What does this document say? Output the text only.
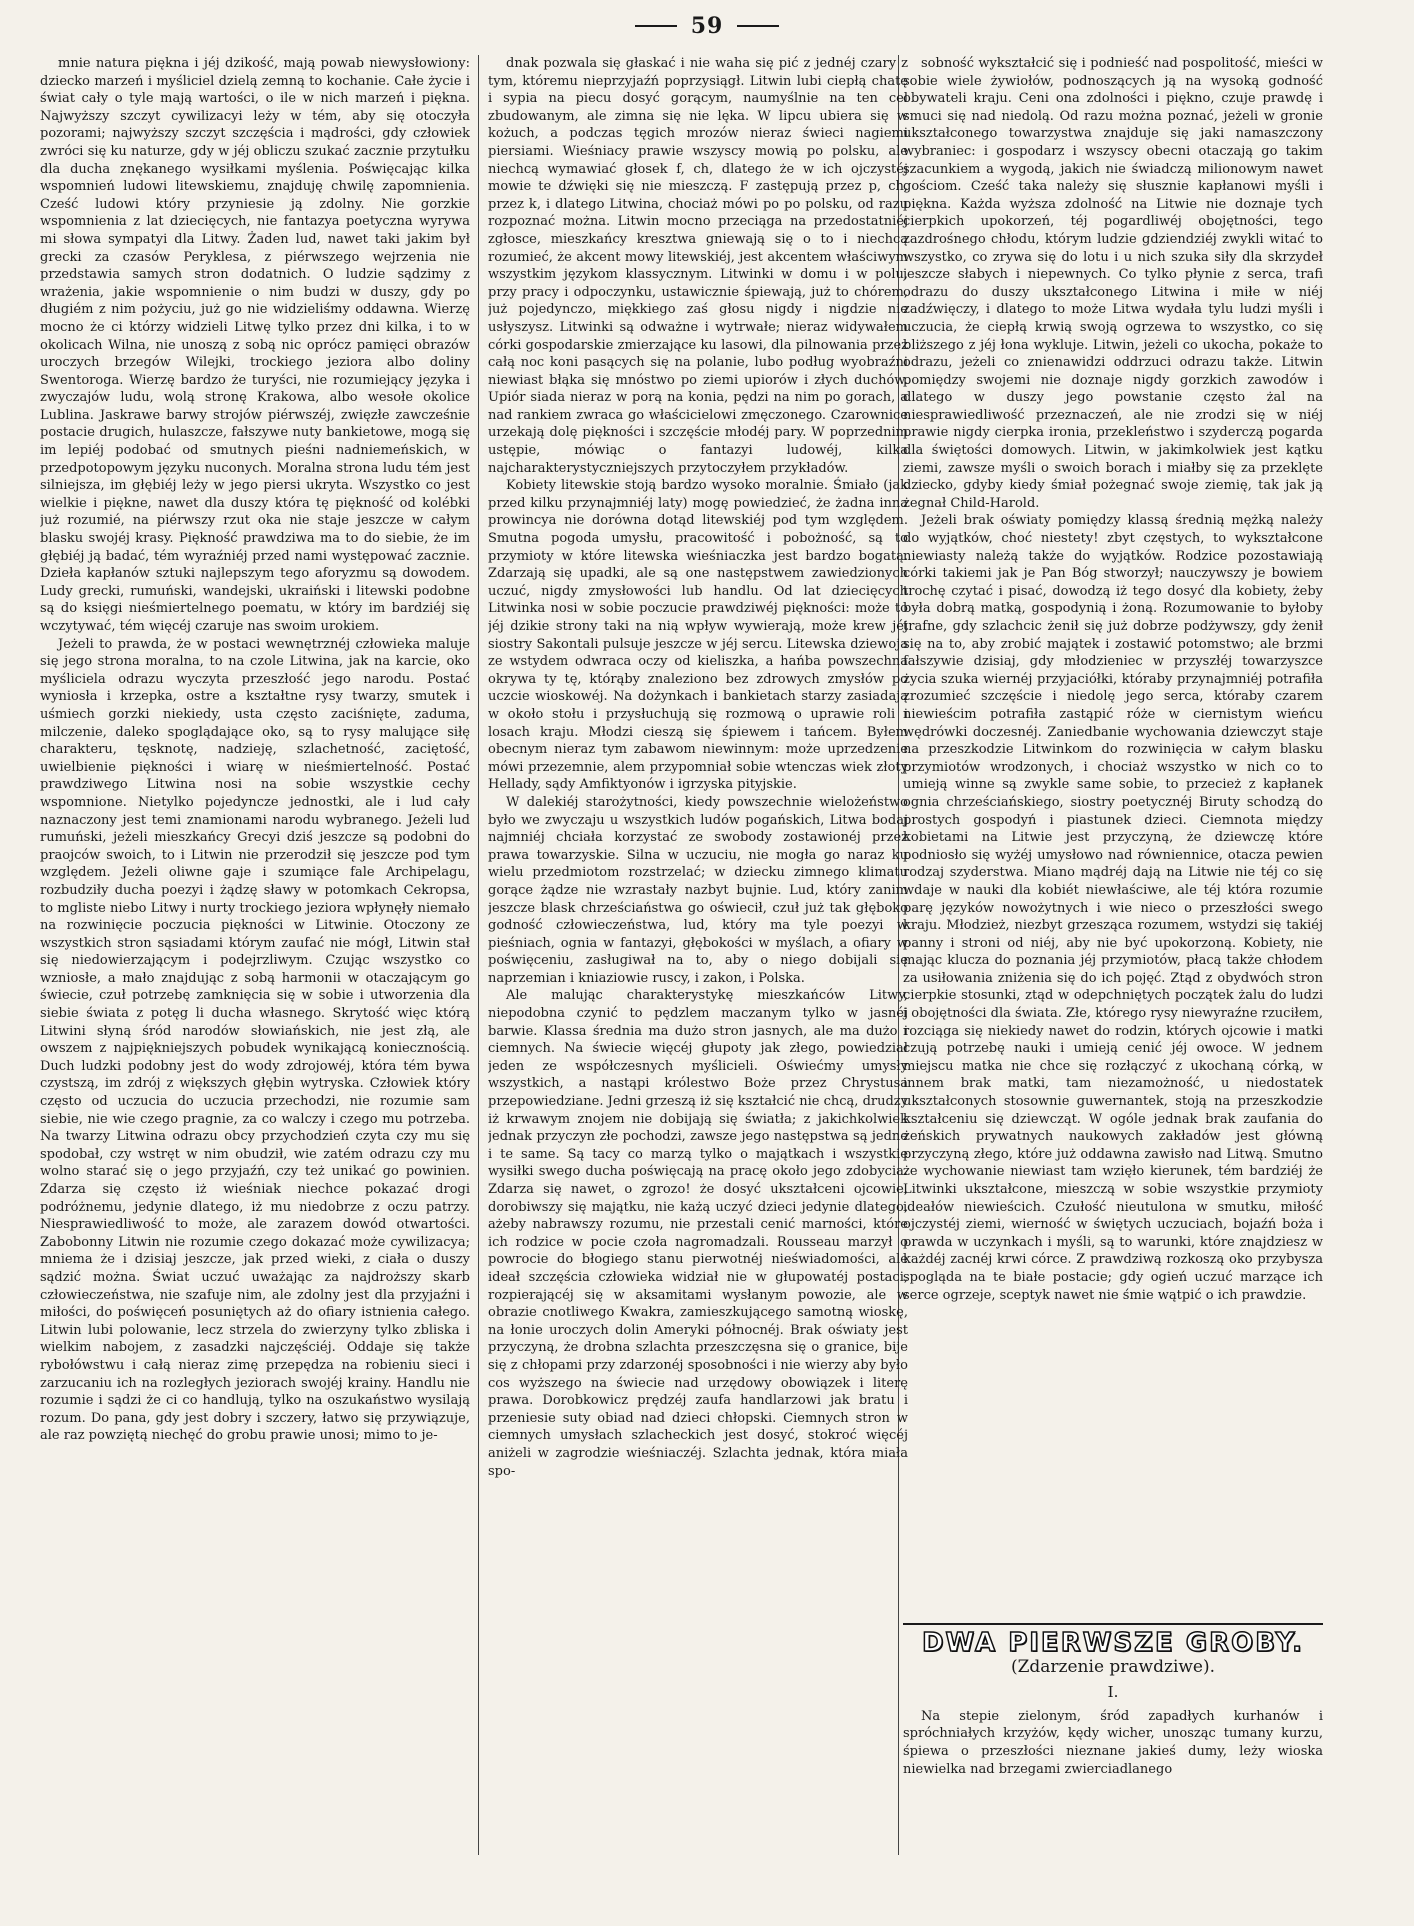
59

mnie natura piękna i jéj dzikość, mają powab niewysłowiony: dziecko marzeń i myśliciel dzielą zemną to kochanie. Całe życie i świat cały o tyle mają wartości, o ile w nich marzeń i piękna. Najwyższy szczyt cywilizacyi leży w tém, aby się otoczyła pozorami; najwyższy szczyt szczęścia i mądrości, gdy człowiek zwróci się ku naturze, gdy w jéj obliczu szukać zacznie przytułku dla ducha znękanego wysiłkami myślenia. Poświęcając kilka wspomnień ludowi litewskiemu, znajduję chwilę zapomnienia. Cześć ludowi który przyniesie ją zdolny. Nie gorzkie wspomnienia z lat dziecięcych, nie fantazya poetyczna wyrywa mi słowa sympatyi dla Litwy. Żaden lud, nawet taki jakim był grecki za czasów Peryklesa, z piérwszego wejrzenia nie przedstawia samych stron dodatnich. O ludzie sądzimy z wrażenia, jakie wspomnienie o nim budzi w duszy, gdy po długiém z nim pożyciu, już go nie widzieliśmy oddawna. Wierzę mocno że ci którzy widzieli Litwę tylko przez dni kilka, i to w okolicach Wilna, nie unoszą z sobą nic oprócz pamięci obrazów uroczych brzegów Wilejki, trockiego jeziora albo doliny Swentoroga. Wierzę bardzo że turyści, nie rozumiejący języka i zwyczajów ludu, wolą stronę Krakowa, albo wesołe okolice Lublina. Jaskrawe barwy strojów piérwszéj, zwięzłe zawcześnie postacie drugich, hulaszcze, fałszywe nuty bankietowe, mogą się im lepiéj podobać od smutnych pieśni nadniemeńskich, w przedpotopowym języku nuconych. Moralna strona ludu tém jest silniejsza, im głębiéj leży w jego piersi ukryta. Wszystko co jest wielkie i piękne, nawet dla duszy która tę piękność od kolébki już rozumié, na piérwszy rzut oka nie staje jeszcze w całym blasku swojéj krasy. Piękność prawdziwa ma to do siebie, że im głębiéj ją badać, tém wyraźniéj przed nami występować zacznie. Dzieła kapłanów sztuki najlepszym tego aforyzmu są dowodem. Ludy grecki, rumuński, wandejski, ukraiński i litewski podobne są do księgi nieśmiertelnego poematu, w który im bardziéj się wczytywać, tém więcéj czaruje nas swoim urokiem.

Jeżeli to prawda, że w postaci wewnętrznéj człowieka maluje się jego strona moralna, to na czole Litwina, jak na karcie, oko myśliciela odrazu wyczyta przeszłość jego narodu. Postać wyniosła i krzepka, ostre a kształtne rysy twarzy, smutek i uśmiech gorzki niekiedy, usta często zaciśnięte, zaduma, milczenie, daleko spoglądające oko, są to rysy malujące siłę charakteru, tęsknotę, nadzieję, szlachetność, zaciętość, uwielbienie piękności i wiarę w nieśmiertelność. Postać prawdziwego Litwina nosi na sobie wszystkie cechy wspomnione. Nietylko pojedyncze jednostki, ale i lud cały naznaczony jest temi znamionami narodu wybranego. Jeżeli lud rumuński, jeżeli mieszkańcy Grecyi dziś jeszcze są podobni do praojców swoich, to i Litwin nie przerodził się jeszcze pod tym względem. Jeżeli oliwne gaje i szumiące fale Archipelagu, rozbudziły ducha poezyi i żądzę sławy w potomkach Cekropsa, to mgliste niebo Litwy i nurty trockiego jeziora wpłynęły niemało na rozwinięcie poczucia piękności w Litwinie. Otoczony ze wszystkich stron sąsiadami którym zaufać nie mógł, Litwin stał się niedowierzającym i podejrzliwym. Czując wszystko co wzniosłe, a mało znajdując z sobą harmonii w otaczającym go świecie, czuł potrzebę zamknięcia się w sobie i utworzenia dla siebie świata z potęg li ducha własnego. Skrytość więc którą Litwini słyną śród narodów słowiańskich, nie jest złą, ale owszem z najpiękniejszych pobudek wynikającą koniecznością. Duch ludzki podobny jest do wody zdrojowéj, która tém bywa czystszą, im zdrój z większych głębin wytryska. Człowiek który często od uczucia do uczucia przechodzi, nie rozumie sam siebie, nie wie czego pragnie, za co walczy i czego mu potrzeba. Na twarzy Litwina odrazu obcy przychodzień czyta czy mu się spodobał, czy wstręt w nim obudził, wie zatém odrazu czy mu wolno starać się o jego przyjaźń, czy też unikać go powinien. Zdarza się często iż wieśniak niechce pokazać drogi podróżnemu, jedynie dlatego, iż mu niedobrze z oczu patrzy. Niesprawiedliwość to może, ale zarazem dowód otwartości. Zabobonny Litwin nie rozumie czego dokazać może cywilizacya; mniema że i dzisiaj jeszcze, jak przed wieki, z ciała o duszy sądzić można. Świat uczuć uważając za najdroższy skarb człowieczeństwa, nie szafuje nim, ale zdolny jest dla przyjaźni i miłości, do poświęceń posuniętych aż do ofiary istnienia całego. Litwin lubi polowanie, lecz strzela do zwierzyny tylko zbliska i wielkim nabojem, z zasadzki najczęściéj. Oddaje się także rybołówstwu i całą nieraz zimę przepędza na robieniu sieci i zarzucaniu ich na rozległych jeziorach swojéj krainy. Handlu nie rozumie i sądzi że ci co handlują, tylko na oszukaństwo wysilają rozum. Do pana, gdy jest dobry i szczery, łatwo się przywiązuje, ale raz powziętą niechęć do grobu prawie unosi; mimo to je-

dnak pozwala się głaskać i nie waha się pić z jednéj czary z tym, któremu nieprzyjaźń poprzysiągł. Litwin lubi ciepłą chatę i sypia na piecu dosyć gorącym, naumyślnie na ten cel zbudowanym, ale zimna się nie lęka. W lipcu ubiera się w kożuch, a podczas tęgich mrozów nieraz świeci nagiemi piersiami. Wieśniacy prawie wszyscy mowią po polsku, ale niechcą wymawiać głosek f, ch, dlatego że w ich ojczystéj mowie te dźwięki się nie mieszczą. F zastępują przez p, ch, przez k, i dlatego Litwina, chociaż mówi po po polsku, od razu rozpoznać można. Litwin mocno przeciąga na przedostatniéj zgłosce, mieszkańcy kresztwa gniewają się o to i niechcą rozumieć, że akcent mowy litewskiéj, jest akcentem właściwym wszystkim językom klassycznym. Litwinki w domu i w polu, przy pracy i odpoczynku, ustawicznie śpiewają, już to chórem, już pojedynczo, miękkiego zaś głosu nigdy i nigdzie nie usłyszysz. Litwinki są odważne i wytrwałe; nieraz widywałem córki gospodarskie zmierzające ku lasowi, dla pilnowania przez całą noc koni pasących się na polanie, lubo podług wyobraźni niewiast błąka się mnóstwo po ziemi upiorów i złych duchów. Upiór siada nieraz w porą na konia, pędzi na nim po gorach, a nad rankiem zwraca go właścicielowi zmęczonego. Czarownice urzekają dolę piękności i szczęście młodéj pary. W poprzednim ustępie, mówiąc o fantazyi ludowéj, kilka najcharakterystyczniejszych przytoczyłem przykładów.

Kobiety litewskie stoją bardzo wysoko moralnie. Śmiało (jak przed kilku przynajmniéj laty) mogę powiedzieć, że żadna inna prowincya nie dorówna dotąd litewskiéj pod tym względem. Smutna pogoda umysłu, pracowitość i pobożność, są to przymioty w które litewska wieśniaczka jest bardzo bogatą. Zdarzają się upadki, ale są one następstwem zawiedzionych uczuć, nigdy zmysłowości lub handlu. Od lat dziecięcych Litwinka nosi w sobie poczucie prawdziwéj piękności: może to jéj dzikie strony taki na nią wpływ wywierają, może krew jéj siostry Sakontali pulsuje jeszcze w jéj sercu. Litewska dziewoja ze wstydem odwraca oczy od kieliszka, a hańba powszechna okrywa ty tę, którąby znaleziono bez zdrowych zmysłów po uczcie wioskowéj. Na dożynkach i bankietach starzy zasiadają w około stołu i przysłuchują się rozmową o uprawie roli i losach kraju. Młodzi cieszą się śpiewem i tańcem. Byłem obecnym nieraz tym zabawom niewinnym: może uprzedzenie mówi przezemnie, alem przypomniał sobie wtenczas wiek złoty Hellady, sądy Amfiktyonów i igrzyska pityjskie.

W dalekiéj starożytności, kiedy powszechnie wielożeństwo było we zwyczaju u wszystkich ludów pogańskich, Litwa bodaj najmniéj chciała korzystać ze swobody zostawionéj przez prawa towarzyskie. Silna w uczuciu, nie mogła go naraz ku wielu przedmiotom rozstrzelać; w dziecku zimnego klimatu gorące żądze nie wzrastały nazbyt bujnie. Lud, który zanim jeszcze blask chrześciaństwa go oświecił, czuł już tak głęboko godność człowieczeństwa, lud, który ma tyle poezyi w pieśniach, ognia w fantazyi, głębokości w myślach, a ofiary w poświęceniu, zasługiwał na to, aby o niego dobijali się naprzemian i kniaziowie ruscy, i zakon, i Polska.

Ale malując charakterystykę mieszkańców Litwy, niepodobna czynić to pędzlem maczanym tylko w jasnéj barwie. Klassa średnia ma dużo stron jasnych, ale ma dużo i ciemnych. Na świecie więcéj głupoty jak złego, powiedział jeden ze współczesnych myślicieli. Oświećmy umysły wszystkich, a nastąpi królestwo Boże przez Chrystusa przepowiedziane. Jedni grzeszą iż się kształcić nie chcą, drudzy iż krwawym znojem nie dobijają się światła; z jakichkolwiek jednak przyczyn złe pochodzi, zawsze jego następstwa są jedne i te same. Są tacy co marzą tylko o majątkach i wszystkie wysiłki swego ducha poświęcają na pracę około jego zdobycia. Zdarza się nawet, o zgrozo! że dosyć ukształceni ojcowie, dorobiwszy się majątku, nie każą uczyć dzieci jedynie dlatego, ażeby nabrawszy rozumu, nie przestali cenić marności, które ich rodzice w pocie czoła nagromadzali. Rousseau marzył o powrocie do błogiego stanu pierwotnéj nieświadomości, ale ideał szczęścia człowieka widział nie w głupowatéj postaci, rozpierającéj się w aksamitami wysłanym powozie, ale w obrazie cnotliwego Kwakra, zamieszkującego samotną wioskę, na łonie uroczych dolin Ameryki północnéj. Brak oświaty jest przyczyną, że drobna szlachta przeszczęsna się o granice, bije się z chłopami przy zdarzonéj sposobności i nie wierzy aby było cos wyższego na świecie nad urzędowy obowiązek i literę prawa. Dorobkowicz prędzéj zaufa handlarzowi jak bratu i przeniesie suty obiad nad dzieci chłopski. Ciemnych stron w ciemnych umysłach szlacheckich jest dosyć, stokroć więcéj aniżeli w zagrodzie wieśniaczéj. Szlachta jednak, która miała spo-

sobność wykształcić się i podnieść nad pospolitość, mieści w sobie wiele żywiołów, podnoszących ją na wysoką godność obywateli kraju. Ceni ona zdolności i piękno, czuje prawdę i smuci się nad niedolą. Od razu można poznać, jeżeli w gronie ukształconego towarzystwa znajduje się jaki namaszczony wybraniec: i gospodarz i wszyscy obecni otaczają go takim szacunkiem a wygodą, jakich nie świadczą milionowym nawet gościom. Cześć taka należy się słusznie kapłanowi myśli i piękna. Każda wyższa zdolność na Litwie nie doznaje tych cierpkich upokorzeń, téj pogardliwéj obojętności, tego zazdrośnego chłodu, którym ludzie gdziendziéj zwykli witać to wszystko, co zrywa się do lotu i u nich szuka siły dla skrzydeł jeszcze słabych i niepewnych. Co tylko płynie z serca, trafi odrazu do duszy ukształconego Litwina i miłe w niéj zadźwięczy, i dlatego to może Litwa wydała tylu ludzi myśli i uczucia, że ciepłą krwią swoją ogrzewa to wszystko, co się bliższego z jéj łona wykluje. Litwin, jeżeli co ukocha, pokaże to odrazu, jeżeli co znienawidzi oddrzuci odrazu także. Litwin pomiędzy swojemi nie doznaje nigdy gorzkich zawodów i dlatego w duszy jego powstanie często żal na niesprawiedliwość przeznaczeń, ale nie zrodzi się w niéj prawie nigdy cierpka ironia, przekleństwo i szyderczą pogarda dla świętości domowych. Litwin, w jakimkolwiek jest kątku ziemi, zawsze myśli o swoich borach i miałby się za przeklęte dziecko, gdyby kiedy śmiał pożegnać swoje ziemię, tak jak ją żegnał Child-Harold.

Jeżeli brak oświaty pomiędzy klassą średnią mężką należy do wyjątków, choć niestety! zbyt częstych, to wykształcone niewiasty należą także do wyjątków. Rodzice pozostawiają córki takiemi jak je Pan Bóg stworzył; nauczywszy je bowiem trochę czytać i pisać, dowodzą iż tego dosyć dla kobiety, żeby była dobrą matką, gospodynią i żoną. Rozumowanie to byłoby trafne, gdy szlachcic żenił się już dobrze podżywszy, gdy żenił się na to, aby zrobić majątek i zostawić potomstwo; ale brzmi fałszywie dzisiaj, gdy młodzieniec w przyszłéj towarzyszce życia szuka wiernéj przyjaciółki, któraby przynajmniéj potrafiła zrozumieć szczęście i niedolę jego serca, któraby czarem niewieścim potrafiła zastąpić róże w ciernistym wieńcu wędrówki doczesnéj. Zaniedbanie wychowania dziewczyt staje na przeszkodzie Litwinkom do rozwinięcia w całym blasku przymiotów wrodzonych, i chociaż wszystko w nich co to umieją winne są zwykle same sobie, to przecież z kapłanek ognia chrześciańskiego, siostry poetycznéj Biruty schodzą do prostych gospodyń i piastunek dzieci. Ciemnota między kobietami na Litwie jest przyczyną, że dziewczę które podniosło się wyżéj umysłowo nad równiennice, otacza pewien rodzaj szyderstwa. Miano mądréj dają na Litwie nie téj co się wdaje w nauki dla kobiét niewłaściwe, ale téj która rozumie parę języków nowożytnych i wie nieco o przeszłości swego kraju. Młodzież, niezbyt grzesząca rozumem, wstydzi się takiéj panny i stroni od niéj, aby nie być upokorzoną. Kobiety, nie mając klucza do poznania jéj przymiotów, płacą także chłodem za usiłowania zniżenia się do ich pojęć. Ztąd z obydwóch stron cierpkie stosunki, ztąd w odepchniętych początek żalu do ludzi i obojętności dla świata. Złe, którego rysy niewyraźne rzuciłem, rozciąga się niekiedy nawet do rodzin, których ojcowie i matki czują potrzebę nauki i umieją cenić jéj owoce. W jednem miejscu matka nie chce się rozłączyć z ukochaną córką, w innem brak matki, tam niezamożność, u niedostatek ukształconych stosownie guwernantek, stoją na przeszkodzie kształceniu się dziewcząt. W ogóle jednak brak zaufania do żeńskich prywatnych naukowych zakładów jest główną przyczyną złego, które już oddawna zawisło nad Litwą. Smutno że wychowanie niewiast tam wzięło kierunek, tém bardziéj że Litwinki ukształcone, mieszczą w sobie wszystkie przymioty ideałów niewieścich. Czułość nieutulona w smutku, miłość ojczystéj ziemi, wierność w świętych uczuciach, bojaźń boża i prawda w uczynkach i myśli, są to warunki, które znajdziesz w każdéj zacnéj krwi córce. Z prawdziwą rozkoszą oko przybysza spogląda na te białe postacie; gdy ogień uczuć marzące ich serce ogrzeje, sceptyk nawet nie śmie wątpić o ich prawdzie.

DWA PIERWSZE GROBY.
(Zdarzenie prawdziwe).
I.

Na stepie zielonym, śród zapadłych kurhanów i spróchniałych krzyżów, kędy wicher, unosząc tumany kurzu, śpiewa o przeszłości nieznane jakieś dumy, leży wioska niewielka nad brzegami zwierciadlanego
